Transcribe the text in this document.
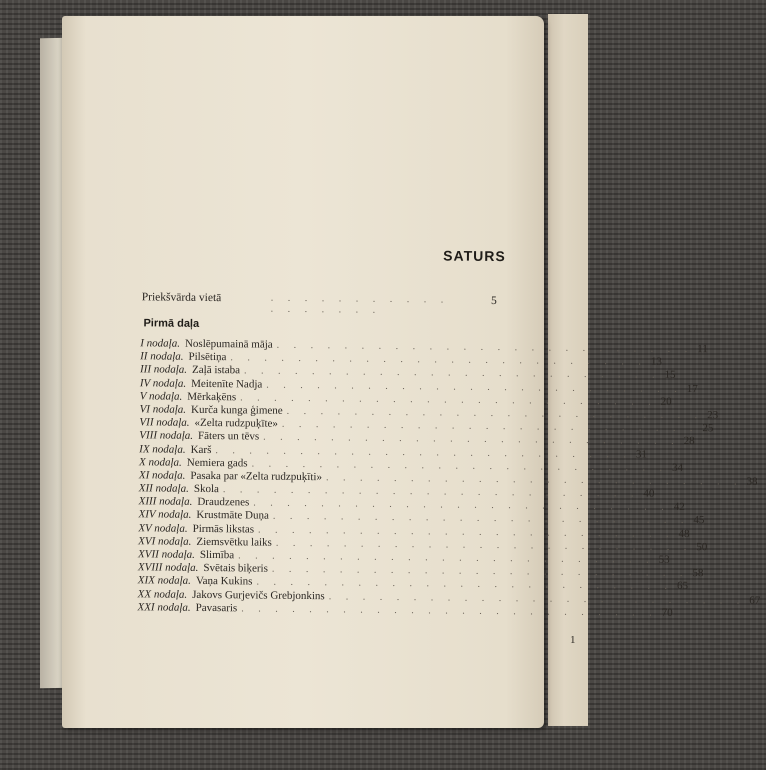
1
SATURS
Priekšvārda vietā	. . . . . . . . . . . . . . . . . .
5
Pirmā daļa
I nodaļa. Noslēpumainā māja . . . . . . . . . . . . . . . . . . . . . . . . . 11
II nodaļa. Pilsētiņa . . . . . . . . . . . . . . . . . . . . . . . . . 13
III nodaļa. Zaļā istaba . . . . . . . . . . . . . . . . . . . . . . . . . 15
IV nodaļa. Meitenīte Nadja . . . . . . . . . . . . . . . . . . . . . . . . . 17
V nodaļa. Mērkaķēns . . . . . . . . . . . . . . . . . . . . . . . . . 20
VI nodaļa. Kurča kunga ģimene . . . . . . . . . . . . . . . . . . . . . . . . . 23
VII nodaļa. «Zelta rudzpuķīte» . . . . . . . . . . . . . . . . . . . . . . . . . 25
VIII nodaļa. Fāters un tēvs . . . . . . . . . . . . . . . . . . . . . . . . . 28
IX nodaļa. Karš . . . . . . . . . . . . . . . . . . . . . . . . . 31
X nodaļa. Nemiera gads . . . . . . . . . . . . . . . . . . . . . . . . . 34
XI nodaļa. Pasaka par «Zelta rudzpuķīti» . . . . . . . . . . . . . . . . . . . . . . . . . 38
XII nodaļa. Skola . . . . . . . . . . . . . . . . . . . . . . . . . 40
XIII nodaļa. Draudzenes . . . . . . . . . . . . . . . . . . . . . . . . . 42
XIV nodaļa. Krustmāte Duņa . . . . . . . . . . . . . . . . . . . . . . . . . 45
XV nodaļa. Pirmās likstas . . . . . . . . . . . . . . . . . . . . . . . . . 48
XVI nodaļa. Ziemsvētku laiks . . . . . . . . . . . . . . . . . . . . . . . . . 50
XVII nodaļa. Slimība . . . . . . . . . . . . . . . . . . . . . . . . . 53
XVIII nodaļa. Svētais biķeris . . . . . . . . . . . . . . . . . . . . . . . . . 58
XIX nodaļa. Vaņa Kukins . . . . . . . . . . . . . . . . . . . . . . . . . 65
XX nodaļa. Jakovs Gurjevičs Grebjonkins . . . . . . . . . . . . . . . . . . . . . . . . . 67
XXI nodaļa. Pavasaris . . . . . . . . . . . . . . . . . . . . . . . . . 70
